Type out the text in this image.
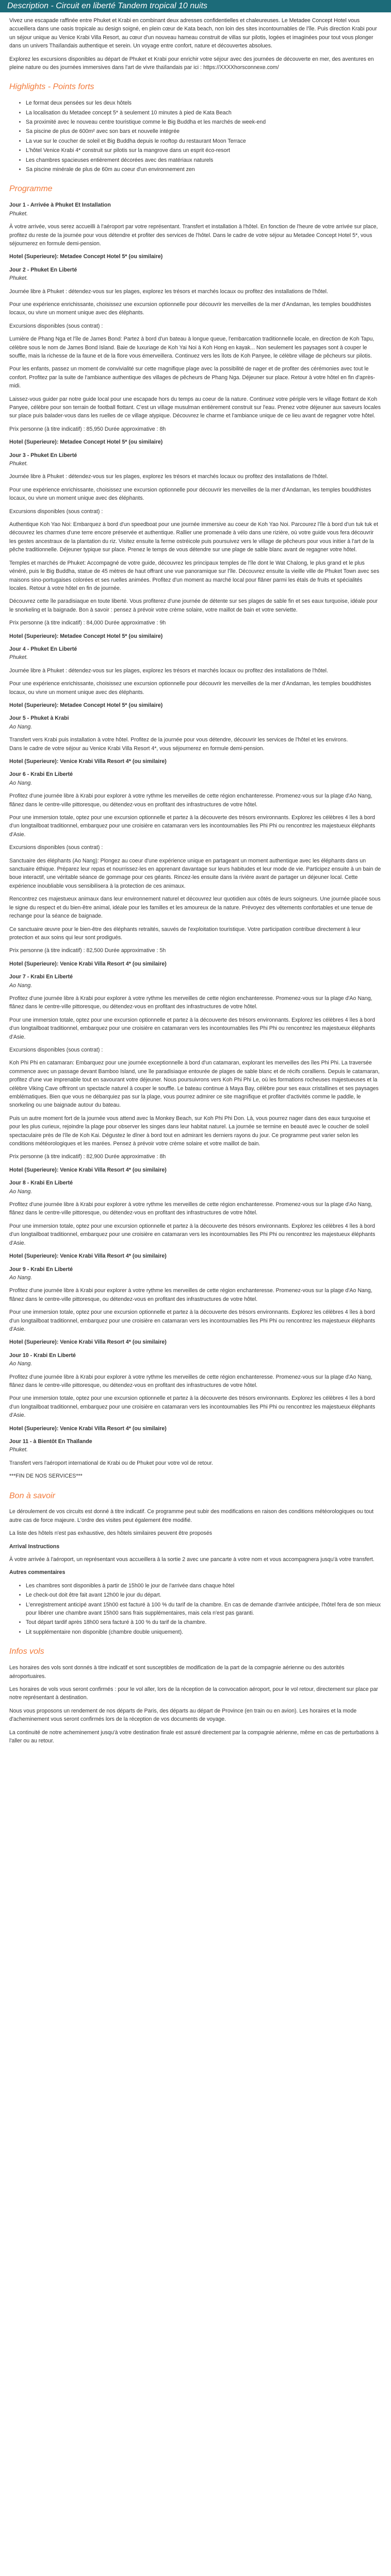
Description - Circuit en liberté Tandem tropical 10 nuits

Vivez une escapade raffinée entre Phuket et Krabi en combinant deux adresses confidentielles et chaleureuses. Le Metadee Concept Hotel vous accueillera dans une oasis tropicale au design soigné, en plein cœur de Kata beach, non loin des sites incontournables de l'île. Puis direction Krabi pour un séjour unique au Venice Krabi Villa Resort, au cœur d'un nouveau hameau construit de villas sur pilotis, logées et imaginées pour tout vous plonger dans un univers Thaïlandais authentique et serein. Un voyage entre confort, nature et découvertes absolues.

Explorez les excursions disponibles au départ de Phuket et Krabi pour enrichir votre séjour avec des journées de découverte en mer, des aventures en pleine nature ou des journées immersives dans l'art de vivre thaïlandais par ici : https://XXXXhorsconnexe.com/

Highlights - Points forts
• Le format deux pensées sur les deux hôtels
• La localisation du Metadee concept 5* à seulement 10 minutes à pied de Kata Beach
• Sa proximité avec le nouveau centre touristique comme le Big Buddha et les marchés de week-end
• Sa piscine de plus de 600m² avec son bars et nouvelle intégrée
• La vue sur le coucher de soleil et Big Buddha depuis le rooftop du restaurant Moon Terrace
• L'hôtel Venice Krabi 4* construit sur pilotis sur la mangrove dans un esprit éco-resort
• Les chambres spacieuses entièrement décorées avec des matériaux naturels
• Sa piscine minérale de plus de 60m au coeur d'un environnement zen
Programme

Jour 1 - Arrivée à Phuket Et Installation

Phuket.

À votre arrivée, vous serez accueilli à l'aéroport par votre représentant. Transfert et installation à l'hôtel. En fonction de l'heure de votre arrivée sur place, profitez du reste de la journée pour vous détendre et profiter des services de l'hôtel. Dans le cadre de votre séjour au Metadee Concept Hotel 5*, vous séjournerez en formule demi-pension.

Hotel (Superieure): Metadee Concept Hotel 5* (ou similaire)

Jour 2 - Phuket En Liberté

Phuket.

Journée libre à Phuket : détendez-vous sur les plages, explorez les trésors et marchés locaux ou profitez des installations de l'hôtel.

Pour une expérience enrichissante, choisissez une excursion optionnelle pour découvrir les merveilles de la mer d'Andaman, les temples bouddhistes locaux, ou vivre un moment unique avec des éléphants.

Excursions disponibles (sous contrat) :

Lumière de Phang Nga et l'île de James Bond: Partez à bord d'un bateau à longue queue, l'embarcation traditionnelle locale, en direction de Koh Tapu, célèbre sous le nom de James Bond Island. Baie de luxuriage de Koh Yai Noi à Koh Hong en kayak... Non seulement les paysages sont à couper le souffle, mais la richesse de la faune et de la flore vous émerveillera. Continuez vers les îlots de Koh Panyee, le célèbre village de pêcheurs sur pilotis.

Pour les enfants, passez un moment de convivialité sur cette magnifique plage avec la possibilité de nager et de profiter des cérémonies avec tout le confort. Profitez par la suite de l'ambiance authentique des villages de pêcheurs de Phang Nga. Déjeuner sur place. Retour à votre hôtel en fin d'après-midi.

Laissez-vous guider par notre guide local pour une escapade hors du temps au coeur de la nature. Continuez votre périple vers le village flottant de Koh Panyee, célèbre pour son terrain de football flottant. C'est un village musulman entièrement construit sur l'eau. Prenez votre déjeuner aux saveurs locales sur place puis balader-vous dans les ruelles de ce village atypique. Découvrez le charme et l'ambiance unique de ce lieu avant de regagner votre hôtel.

Prix personne (à titre indicatif) : 85,950 Durée approximative : 8h

Hotel (Superieure): Metadee Concept Hotel 5* (ou similaire)

Jour 3 - Phuket En Liberté

Phuket.

Journée libre à Phuket : détendez-vous sur les plages, explorez les trésors et marchés locaux ou profitez des installations de l'hôtel.

Pour une expérience enrichissante, choisissez une excursion optionnelle pour découvrir les merveilles de la mer d'Andaman, les temples bouddhistes locaux, ou vivre un moment unique avec des éléphants.

Excursions disponibles (sous contrat) :

Authentique Koh Yao Noi: Embarquez à bord d'un speedboat pour une journée immersive au coeur de Koh Yao Noi. Parcourez l'île à bord d'un tuk tuk et découvrez les charmes d'une terre encore préservée et authentique. Rallier une promenade à vélo dans une rizière, où votre guide vous fera découvrir les gestes ancestraux de la plantation du riz. Visitez ensuite la ferme ostréicole puis poursuivez vers le village de pêcheurs pour vous initier à l'art de la pêche traditionnelle. Déjeuner typique sur place. Prenez le temps de vous détendre sur une plage de sable blanc avant de regagner votre hôtel.

Temples et marchés de Phuket: Accompagné de votre guide, découvrez les principaux temples de l'île dont le Wat Chalong, le plus grand et le plus vénéré, puis le Big Buddha, statue de 45 mètres de haut offrant une vue panoramique sur l'île. Découvrez ensuite la vieille ville de Phuket Town avec ses maisons sino-portugaises colorées et ses ruelles animées. Profitez d'un moment au marché local pour flâner parmi les étals de fruits et spécialités locales. Retour à votre hôtel en fin de journée.

Découvrez cette île paradisiaque en toute liberté. Vous profiterez d'une journée de détente sur ses plages de sable fin et ses eaux turquoise, idéale pour le snorkeling et la baignade. Bon à savoir : pensez à prévoir votre crème solaire, votre maillot de bain et votre serviette.

Prix personne (à titre indicatif) : 84,000 Durée approximative : 9h

Hotel (Superieure): Metadee Concept Hotel 5* (ou similaire)

Jour 4 - Phuket En Liberté

Phuket.

Journée libre à Phuket : détendez-vous sur les plages, explorez les trésors et marchés locaux ou profitez des installations de l'hôtel.

Pour une expérience enrichissante, choisissez une excursion optionnelle pour découvrir les merveilles de la mer d'Andaman, les temples bouddhistes locaux, ou vivre un moment unique avec des éléphants.

Hotel (Superieure): Metadee Concept Hotel 5* (ou similaire)

Jour 5 - Phuket à Krabi

Ao Nang.

Transfert vers Krabi puis installation à votre hôtel. Profitez de la journée pour vous détendre, découvrir les services de l'hôtel et les environs.

Dans le cadre de votre séjour au Venice Krabi Villa Resort 4*, vous séjournerez en formule demi-pension.

Hotel (Superieure): Venice Krabi Villa Resort 4* (ou similaire)

Jour 6 - Krabi En Liberté

Ao Nang.

Profitez d'une journée libre à Krabi pour explorer à votre rythme les merveilles de cette région enchanteresse. Promenez-vous sur la plage d'Ao Nang, flânez dans le centre-ville pittoresque, ou détendez-vous en profitant des infrastructures de votre hôtel.

Pour une immersion totale, optez pour une excursion optionnelle et partez à la découverte des trésors environnants. Explorez les célèbres 4 îles à bord d'un longtailboat traditionnel, embarquez pour une croisière en catamaran vers les incontournables îles Phi Phi ou rencontrez les majestueux éléphants d'Asie.

Excursions disponibles (sous contrat) :

Sanctuaire des éléphants (Ao Nang): Plongez au coeur d'une expérience unique en partageant un moment authentique avec les éléphants dans un sanctuaire éthique. Préparez leur repas et nourrissez-les en apprenant davantage sur leurs habitudes et leur mode de vie. Participez ensuite à un bain de boue interactif, une véritable séance de gommage pour ces géants. Rincez-les ensuite dans la rivière avant de partager un déjeuner local. Cette expérience inoubliable vous sensibilisera à la protection de ces animaux.

Rencontrez ces majestueux animaux dans leur environnement naturel et découvrez leur quotidien aux côtés de leurs soigneurs. Une journée placée sous le signe du respect et du bien-être animal, idéale pour les familles et les amoureux de la nature. Prévoyez des vêtements confortables et une tenue de rechange pour la séance de baignade.

Ce sanctuaire œuvre pour le bien-être des éléphants retraités, sauvés de l'exploitation touristique. Votre participation contribue directement à leur protection et aux soins qui leur sont prodigués.

Prix personne (à titre indicatif) : 82,500 Durée approximative : 5h

Hotel (Superieure): Venice Krabi Villa Resort 4* (ou similaire)

Jour 7 - Krabi En Liberté

Ao Nang.

Profitez d'une journée libre à Krabi pour explorer à votre rythme les merveilles de cette région enchanteresse. Promenez-vous sur la plage d'Ao Nang, flânez dans le centre-ville pittoresque, ou détendez-vous en profitant des infrastructures de votre hôtel.

Pour une immersion totale, optez pour une excursion optionnelle et partez à la découverte des trésors environnants. Explorez les célèbres 4 îles à bord d'un longtailboat traditionnel, embarquez pour une croisière en catamaran vers les incontournables îles Phi Phi ou rencontrez les majestueux éléphants d'Asie.

Excursions disponibles (sous contrat) :

Koh Phi Phi en catamaran: Embarquez pour une journée exceptionnelle à bord d'un catamaran, explorant les merveilles des îles Phi Phi. La traversée commence avec un passage devant Bamboo Island, une île paradisiaque entourée de plages de sable blanc et de récifs coralliens. Depuis le catamaran, profitez d'une vue imprenable tout en savourant votre déjeuner. Nous poursuivrons vers Koh Phi Phi Le, où les formations rocheuses majestueuses et la célèbre Viking Cave offriront un spectacle naturel à couper le souffle. Le bateau continue à Maya Bay, célèbre pour ses eaux cristallines et ses paysages emblématiques. Bien que vous ne débarquiez pas sur la plage, vous pourrez admirer ce site magnifique et profiter d'activités comme le paddle, le snorkeling ou une baignade autour du bateau.

Puis un autre moment fort de la journée vous attend avec la Monkey Beach, sur Koh Phi Phi Don. Là, vous pourrez nager dans des eaux turquoise et pour les plus curieux, rejoindre la plage pour observer les singes dans leur habitat naturel. La journée se termine en beauté avec le coucher de soleil spectaculaire près de l'île de Koh Kai. Dégustez le dîner à bord tout en admirant les derniers rayons du jour. Ce programme peut varier selon les conditions météorologiques et les marées. Pensez à prévoir votre crème solaire et votre maillot de bain.

Prix personne (à titre indicatif) : 82,900 Durée approximative : 8h

Hotel (Superieure): Venice Krabi Villa Resort 4* (ou similaire)

Jour 8 - Krabi En Liberté

Ao Nang.

Profitez d'une journée libre à Krabi pour explorer à votre rythme les merveilles de cette région enchanteresse. Promenez-vous sur la plage d'Ao Nang, flânez dans le centre-ville pittoresque, ou détendez-vous en profitant des infrastructures de votre hôtel.

Pour une immersion totale, optez pour une excursion optionnelle et partez à la découverte des trésors environnants. Explorez les célèbres 4 îles à bord d'un longtailboat traditionnel, embarquez pour une croisière en catamaran vers les incontournables îles Phi Phi ou rencontrez les majestueux éléphants d'Asie.

Hotel (Superieure): Venice Krabi Villa Resort 4* (ou similaire)

Jour 9 - Krabi En Liberté

Ao Nang.

Profitez d'une journée libre à Krabi pour explorer à votre rythme les merveilles de cette région enchanteresse. Promenez-vous sur la plage d'Ao Nang, flânez dans le centre-ville pittoresque, ou détendez-vous en profitant des infrastructures de votre hôtel.

Pour une immersion totale, optez pour une excursion optionnelle et partez à la découverte des trésors environnants. Explorez les célèbres 4 îles à bord d'un longtailboat traditionnel, embarquez pour une croisière en catamaran vers les incontournables îles Phi Phi ou rencontrez les majestueux éléphants d'Asie.

Hotel (Superieure): Venice Krabi Villa Resort 4* (ou similaire)

Jour 10 - Krabi En Liberté

Ao Nang.

Profitez d'une journée libre à Krabi pour explorer à votre rythme les merveilles de cette région enchanteresse. Promenez-vous sur la plage d'Ao Nang, flânez dans le centre-ville pittoresque, ou détendez-vous en profitant des infrastructures de votre hôtel.

Pour une immersion totale, optez pour une excursion optionnelle et partez à la découverte des trésors environnants. Explorez les célèbres 4 îles à bord d'un longtailboat traditionnel, embarquez pour une croisière en catamaran vers les incontournables îles Phi Phi ou rencontrez les majestueux éléphants d'Asie.

Hotel (Superieure): Venice Krabi Villa Resort 4* (ou similaire)

Jour 11 - à Bientôt En Thaïlande

Phuket.

Transfert vers l'aéroport international de Krabi ou de Phuket pour votre vol de retour.

***FIN DE NOS SERVICES***

Bon à savoir

Le déroulement de vos circuits est donné à titre indicatif. Ce programme peut subir des modifications en raison des conditions météorologiques ou tout autre cas de force majeure. L'ordre des visites peut également être modifié.

La liste des hôtels n'est pas exhaustive, des hôtels similaires peuvent être proposés

Arrival Instructions

À votre arrivée à l'aéroport, un représentant vous accueillera à la sortie 2 avec une pancarte à votre nom et vous accompagnera jusqu'à votre transfert.

Autres commentaires

• Les chambres sont disponibles à partir de 15h00 le jour de l'arrivée dans chaque hôtel
• Le check-out doit être fait avant 12h00 le jour du départ.
• L'enregistrement anticipé avant 15h00 est facturé à 100 % du tarif de la chambre. En cas de demande d'arrivée anticipée, l'hôtel fera de son mieux pour libérer une chambre avant 15h00 sans frais supplémentaires, mais cela n'est pas garanti.
• Tout départ tardif après 18h00 sera facturé à 100 % du tarif de la chambre.
• Lit supplémentaire non disponible (chambre double uniquement).
Infos vols

Les horaires des vols sont donnés à titre indicatif et sont susceptibles de modification de la part de la compagnie aérienne ou des autorités aéroportuaires.

Les horaires de vols vous seront confirmés : pour le vol aller, lors de la réception de la convocation aéroport, pour le vol retour, directement sur place par notre représentant à destination.

Nous vous proposons un rendement de nos départs de Paris, des départs au départ de Province (en train ou en avion). Les horaires et la mode d'acheminement vous seront confirmés lors de la réception de vos documents de voyage.

La continuité de notre acheminement jusqu'à votre destination finale est assuré directement par la compagnie aérienne, même en cas de perturbations à l'aller ou au retour.
